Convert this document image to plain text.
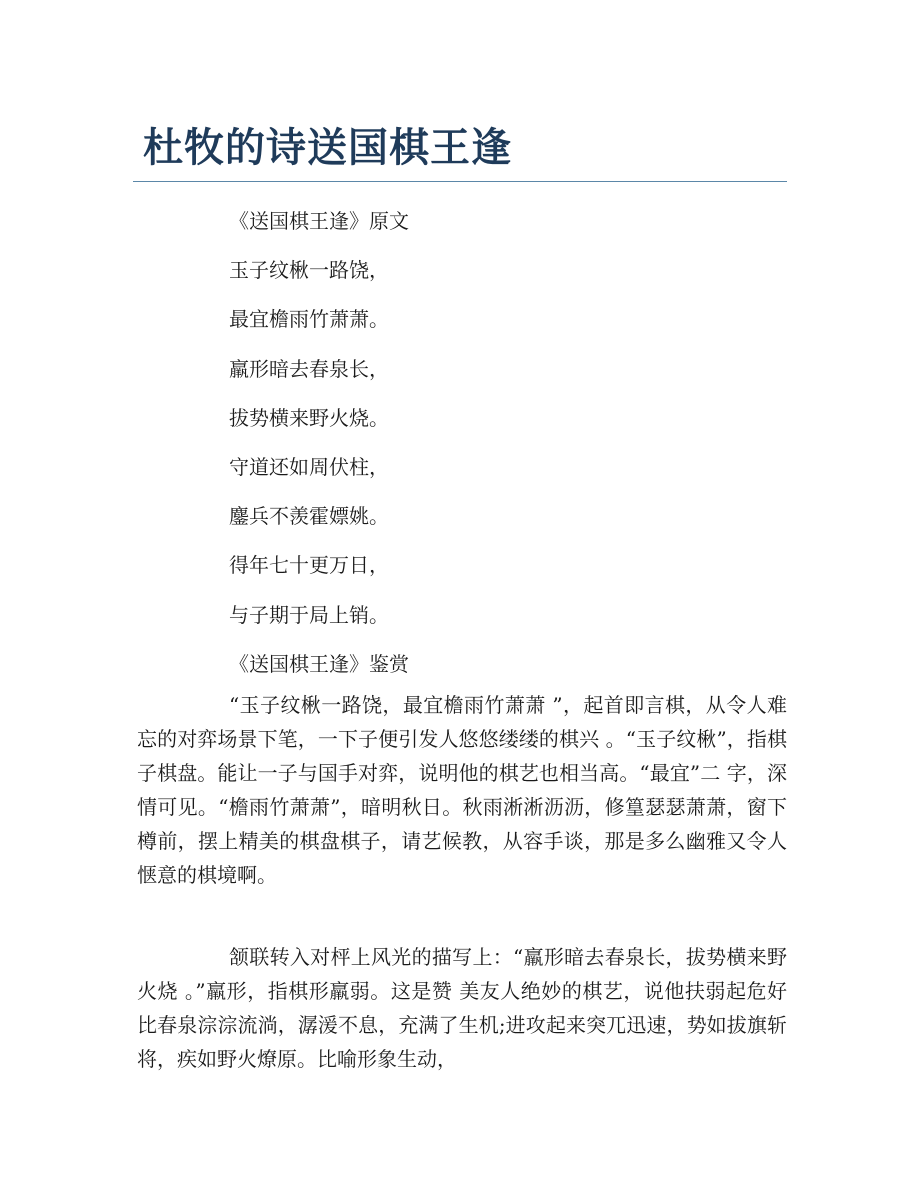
杜牧的诗送国棋王逢
《送国棋王逢》原文
玉子纹楸一路饶，
最宜檐雨竹萧萧。
羸形暗去春泉长，
拔势横来野火烧。
守道还如周伏柱，
鏖兵不羡霍嫖姚。
得年七十更万日，
与子期于局上销。
《送国棋王逢》鉴赏

“玉子纹楸一路饶，最宜檐雨竹萧萧 ”，起首即言棋，从令人难忘的对弈场景下笔，一下子便引发人悠悠缕缕的棋兴 。“玉子纹楸”，指棋子棋盘。能让一子与国手对弈，说明他的棋艺也相当高。“最宜”二 字，深情可见。“檐雨竹萧萧”，暗明秋日。秋雨淅淅沥沥，修篁瑟瑟萧萧，窗下樽前，摆上精美的棋盘棋子，请艺候教，从容手谈，那是多么幽雅又令人惬意的棋境啊。

颔联转入对枰上风光的描写上：“羸形暗去春泉长，拔势横来野火烧 。”羸形，指棋形羸弱。这是赞 美友人绝妙的棋艺，说他扶弱起危好比春泉淙淙流淌，潺湲不息，充满了生机;进攻起来突兀迅速，势如拔旗斩将，疾如野火燎原。比喻形象生动，
